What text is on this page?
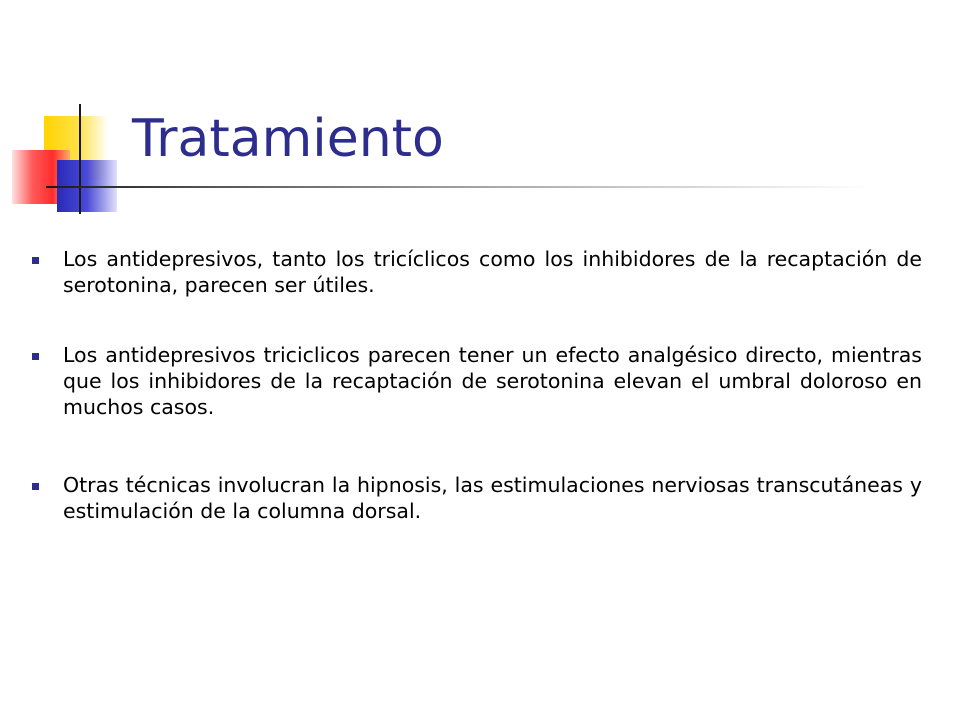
Tratamiento
Los antidepresivos, tanto los tricíclicos como los inhibidores de la recaptación de serotonina, parecen ser útiles.
Los antidepresivos triciclicos parecen tener un efecto analgésico directo, mientras que los inhibidores de la recaptación de serotonina elevan el umbral doloroso en muchos casos.
Otras técnicas involucran la hipnosis, las estimulaciones nerviosas transcutáneas y estimulación de la columna dorsal.
